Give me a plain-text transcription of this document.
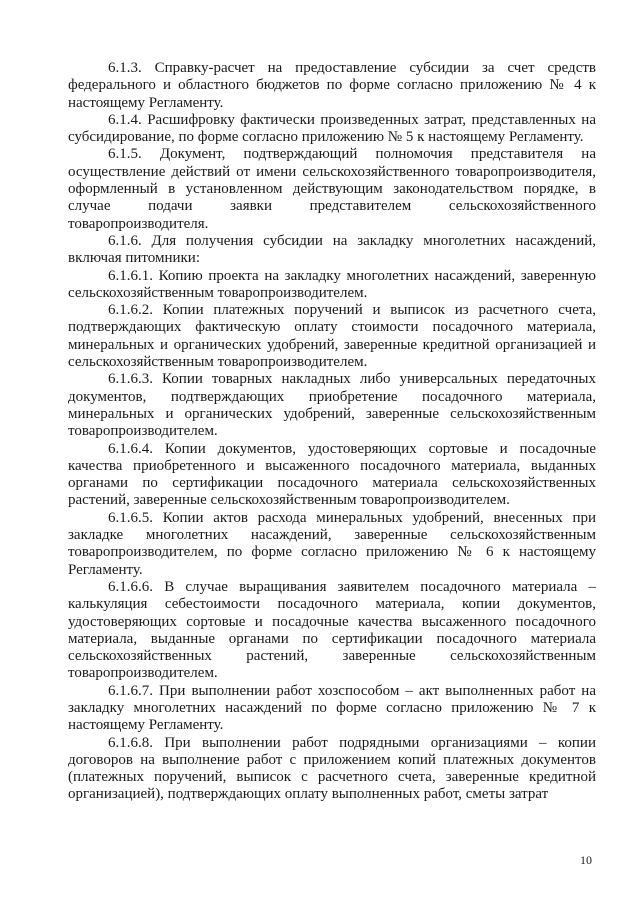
6.1.3. Справку-расчет на предоставление субсидии за счет средств федерального и областного бюджетов по форме согласно приложению № 4 к настоящему Регламенту.

6.1.4. Расшифровку фактически произведенных затрат, представленных на субсидирование, по форме согласно приложению № 5 к настоящему Регламенту.

6.1.5. Документ, подтверждающий полномочия представителя на осуществление действий от имени сельскохозяйственного товаропроизводителя, оформленный в установленном действующим законодательством порядке, в случае подачи заявки представителем сельскохозяйственного товаропроизводителя.

6.1.6. Для получения субсидии на закладку многолетних насаждений, включая питомники:

6.1.6.1. Копию проекта на закладку многолетних насаждений, заверенную сельскохозяйственным товаропроизводителем.

6.1.6.2. Копии платежных поручений и выписок из расчетного счета, подтверждающих фактическую оплату стоимости посадочного материала, минеральных и органических удобрений, заверенные кредитной организацией и сельскохозяйственным товаропроизводителем.

6.1.6.3. Копии товарных накладных либо универсальных передаточных документов, подтверждающих приобретение посадочного материала, минеральных и органических удобрений, заверенные сельскохозяйственным товаропроизводителем.

6.1.6.4. Копии документов, удостоверяющих сортовые и посадочные качества приобретенного и высаженного посадочного материала, выданных органами по сертификации посадочного материала сельскохозяйственных растений, заверенные сельскохозяйственным товаропроизводителем.

6.1.6.5. Копии актов расхода минеральных удобрений, внесенных при закладке многолетних насаждений, заверенные сельскохозяйственным товаропроизводителем, по форме согласно приложению № 6 к настоящему Регламенту.

6.1.6.6. В случае выращивания заявителем посадочного материала – калькуляция себестоимости посадочного материала, копии документов, удостоверяющих сортовые и посадочные качества высаженного посадочного материала, выданные органами по сертификации посадочного материала сельскохозяйственных растений, заверенные сельскохозяйственным товаропроизводителем.

6.1.6.7. При выполнении работ хозспособом – акт выполненных работ на закладку многолетних насаждений по форме согласно приложению № 7 к настоящему Регламенту.

6.1.6.8. При выполнении работ подрядными организациями – копии договоров на выполнение работ с приложением копий платежных документов (платежных поручений, выписок с расчетного счета, заверенные кредитной организацией), подтверждающих оплату выполненных работ, сметы затрат

10
